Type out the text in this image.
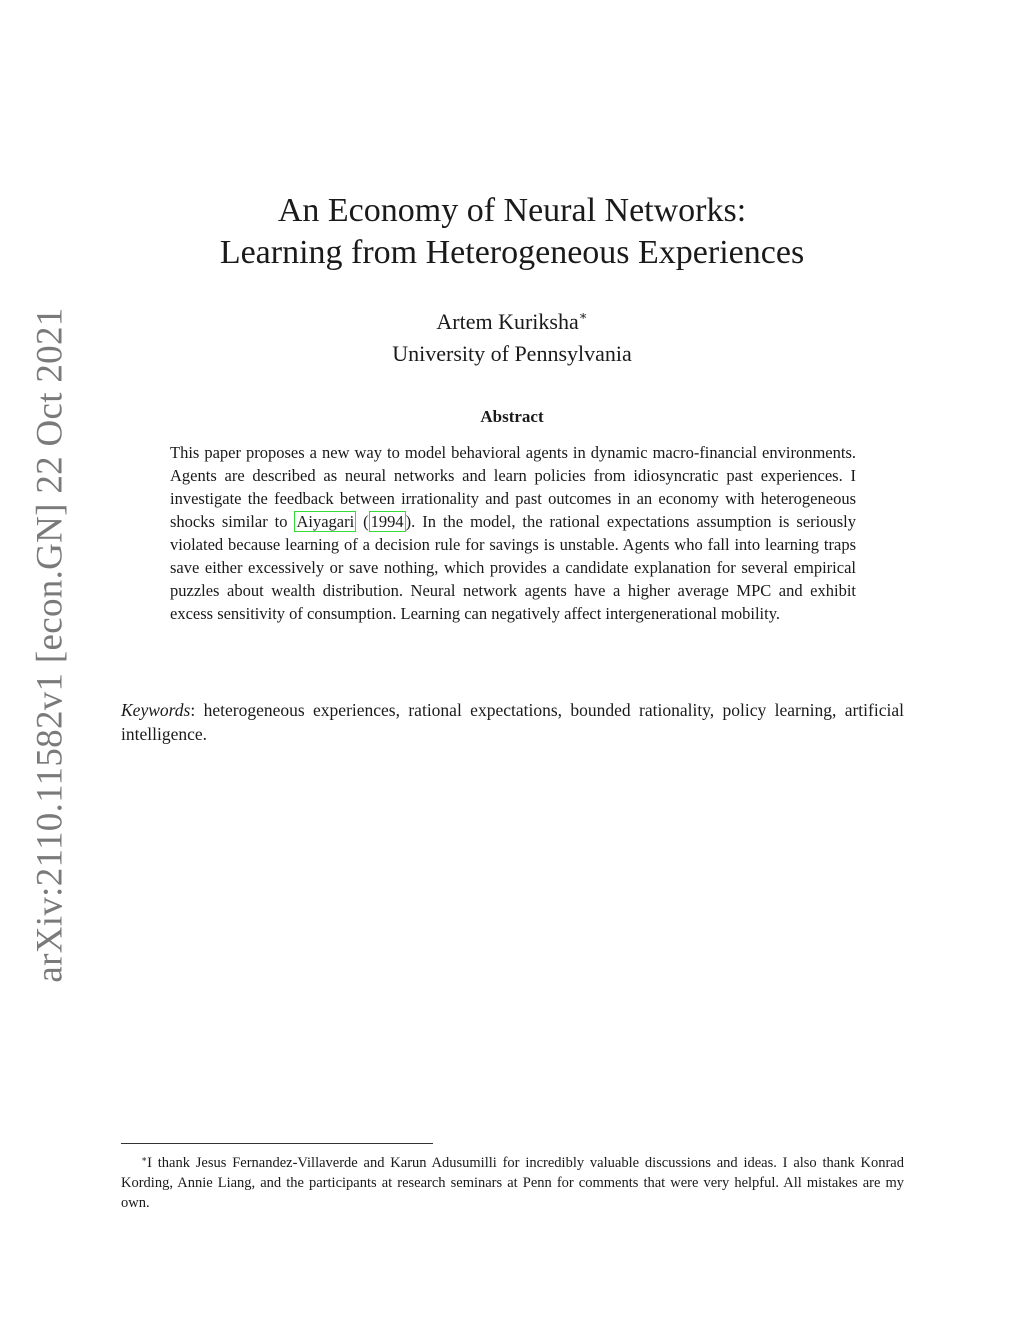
arXiv:2110.11582v1 [econ.GN] 22 Oct 2021
An Economy of Neural Networks:
Learning from Heterogeneous Experiences
Artem Kuriksha∗
University of Pennsylvania
Abstract
This paper proposes a new way to model behavioral agents in dynamic macro-financial environments. Agents are described as neural networks and learn policies from idiosyncratic past experiences. I investigate the feedback between irrationality and past outcomes in an economy with heterogeneous shocks similar to Aiyagari ( 1994 ). In the model, the rational expectations assumption is seriously violated because learning of a decision rule for savings is unstable. Agents who fall into learning traps save either excessively or save nothing, which provides a candidate explanation for several empirical puzzles about wealth distribution. Neural network agents have a higher average MPC and exhibit excess sensitivity of consumption. Learning can negatively affect intergenerational mobility.
Keywords: heterogeneous experiences, rational expectations, bounded rationality, policy learning, artificial intelligence.
∗I thank Jesus Fernandez-Villaverde and Karun Adusumilli for incredibly valuable discussions and ideas. I also thank Konrad Kording, Annie Liang, and the participants at research seminars at Penn for comments that were very helpful. All mistakes are my own.
